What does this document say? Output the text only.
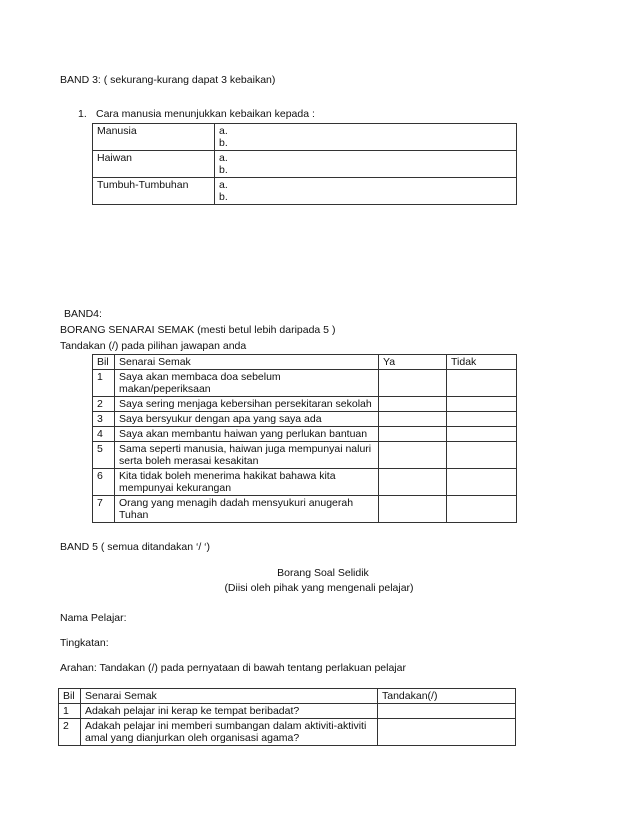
BAND 3: ( sekurang-kurang dapat 3 kebaikan)
1. Cara manusia menunjukkan kebaikan kepada :
Manusia	a.
b.

Haiwan	a.
b.

Tumbuh-Tumbuhan	a.
b.
BAND4:
BORANG SENARAI SEMAK (mesti betul lebih daripada 5 )
Tandakan (/) pada pilihan jawapan anda
Bil	Senarai Semak	Ya	Tidak
1	Saya akan membaca doa sebelum makan/peperiksaan		

2	Saya sering menjaga kebersihan persekitaran sekolah		

3	Saya bersyukur dengan apa yang saya ada		

4	Saya akan membantu haiwan yang perlukan bantuan		

5	Sama seperti manusia, haiwan juga mempunyai naluri
serta boleh merasai kesakitan		

6	Kita tidak boleh menerima hakikat bahawa kita
mempunyai kekurangan		

7	Orang yang menagih dadah mensyukuri anugerah
Tuhan		

BAND 5 ( semua ditandakan ‘/ ‘)
Borang Soal Selidik
(Diisi oleh pihak yang mengenali pelajar)
Nama Pelajar:
Tingkatan:
Arahan: Tandakan (/) pada pernyataan di bawah tentang perlakuan pelajar
Bil	Senarai Semak	Tandakan(/)
1	Adakah pelajar ini kerap ke tempat beribadat?	

2	Adakah pelajar ini memberi sumbangan dalam aktiviti-aktiviti
amal yang dianjurkan oleh organisasi agama?	
